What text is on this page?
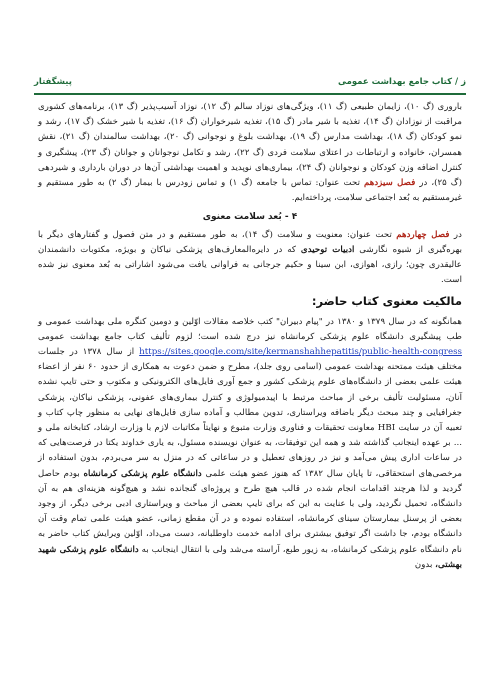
ز / کتاب جامع بهداشت عمومی
پیشگفتار

باروری (گ ۱۰)، زایمان طبیعی (گ ۱۱)، ویژگی‌های نوزاد سالم (گ ۱۲)، نوزاد آسیب‌پذیر (گ ۱۳)، برنامه‌های کشوری مراقبت از نوزادان (گ ۱۴)، تغذیه با شیر مادر (گ ۱۵)، تغذیه شیرخواران (گ ۱۶)، تغذیه با شیر خشک (گ ۱۷)، رشد و نمو کودکان (گ ۱۸)، بهداشت مدارس (گ ۱۹)، بهداشت بلوغ و نوجوانی (گ ۲۰)، بهداشت سالمندان (گ ۲۱)، نقش همسران، خانواده و ارتباطات در اعتلای سلامت فردی (گ ۲۲)، رشد و تکامل نوجوانان و جوانان (گ ۲۳)، پیشگیری و کنترل اضافه وزن کودکان و نوجوانان (گ ۲۴)، بیماری‌های نوپدید و اهمیت بهداشتی آن‌ها در دوران بارداری و شیردهی (گ ۲۵)، در فصل سیزدهم تحت عنوان: تماس با جامعه (گ ۱) و تماس زودرس با بیمار (گ ۲) به طور مستقیم و غیرمستقیم به بُعد اجتماعی سلامت، پرداخته‌ایم.

۴ - بُعد سلامت معنوی

در فصل چهاردهم تحت عنوان: معنویت و سلامت (گ ۱۴)، به طور مستقیم و در متن فصول و گفتارهای دیگر با بهره‌گیری از شیوه نگارشی ادبیات توحیدی که در دایره‌المعارف‌های پزشکی نیاکان و بویژه، مکتوبات دانشمندان عالیقدری چون؛ رازی، اهوازی، ابن سینا و حکیم جرجانی به فراوانی یافت می‌شود اشاراتی به بُعد معنوی نیز شده است.

مالکیت معنوی کتاب حاضر:

همانگونه که در سال ۱۳۷۹ و ۱۳۸۰ در "پیام دبیران" کتب خلاصه مقالات اوّلین و دومین کنگره ملی بهداشت عمومی و طب پیشگیری دانشگاه علوم پزشکی کرمانشاه نیز درج شده است؛ لزوم تألیف کتاب جامع بهداشت عمومی https://sites.google.com/site/kermanshahhepatitis/public-health-congress از سال ۱۳۷۸ در جلسات مختلف هیئت ممتحنه بهداشت عمومی (اسامی روی جلد)، مطرح و ضمن دعوت به همکاری از حدود ۶۰ نفر از اعضاء هیئت علمی بعضی از دانشگاه‌های علوم پزشکی کشور و جمع آوری فایل‌های الکترونیکی و مکتوب و حتی تایپ نشده آنان، مسئولیت تألیف برخی از مباحث مرتبط با اپیدمیولوژی و کنترل بیماری‌های عفونی، پزشکی نیاکان، پزشکی جغرافیایی و چند مبحث دیگر باضافه ویراستاری، تدوین مطالب و آماده سازی فایل‌های نهایی به منظور چاپ کتاب و تعبیه آن در سایت HBI معاونت تحقیقات و فناوری وزارت متبوع و نهایتاً مکاتبات لازم با وزارت ارشاد، کتابخانه ملی و ... بر عهده اینجانب گذاشته شد و همه این توفیقات، به عنوان نویسنده مسئول، به یاری خداوند یکتا در فرصت‌هایی که در ساعات اداری پیش می‌آمد و نیز در روزهای تعطیل و در ساعاتی که در منزل به سر می‌بردم، بدون استفاده از مرخصی‌های استحقاقی، تا پایان سال ۱۳۸۲ که هنوز عضو هیئت علمی دانشگاه علوم پزشکی کرمانشاه بودم حاصل گردید و لذا هرچند اقدامات انجام شده در قالب هیچ طرح و پروژه‌ای گنجانده نشد و هیچ‌گونه هزینه‌ای هم به آن دانشگاه، تحمیل نگردید، ولی با عنایت به این که برای تایپ بعضی از مباحث و ویراستاری ادبی برخی دیگر، از وجود بعضی از پرسنل بیمارستان سینای کرمانشاه، استفاده نموده و در آن مقطع زمانی، عضو هیئت علمی تمام وقت آن دانشگاه بودم، جا داشت اگر توفیق بیشتری برای ادامه خدمت داوطلبانه، دست می‌داد، اوّلین ویرایش کتاب حاضر به نام دانشگاه علوم پزشکی کرمانشاه، به زیور طبع، آراسته می‌شد ولی با انتقال اینجانب به دانشگاه علوم پزشکی شهید بهشتی، بدون
